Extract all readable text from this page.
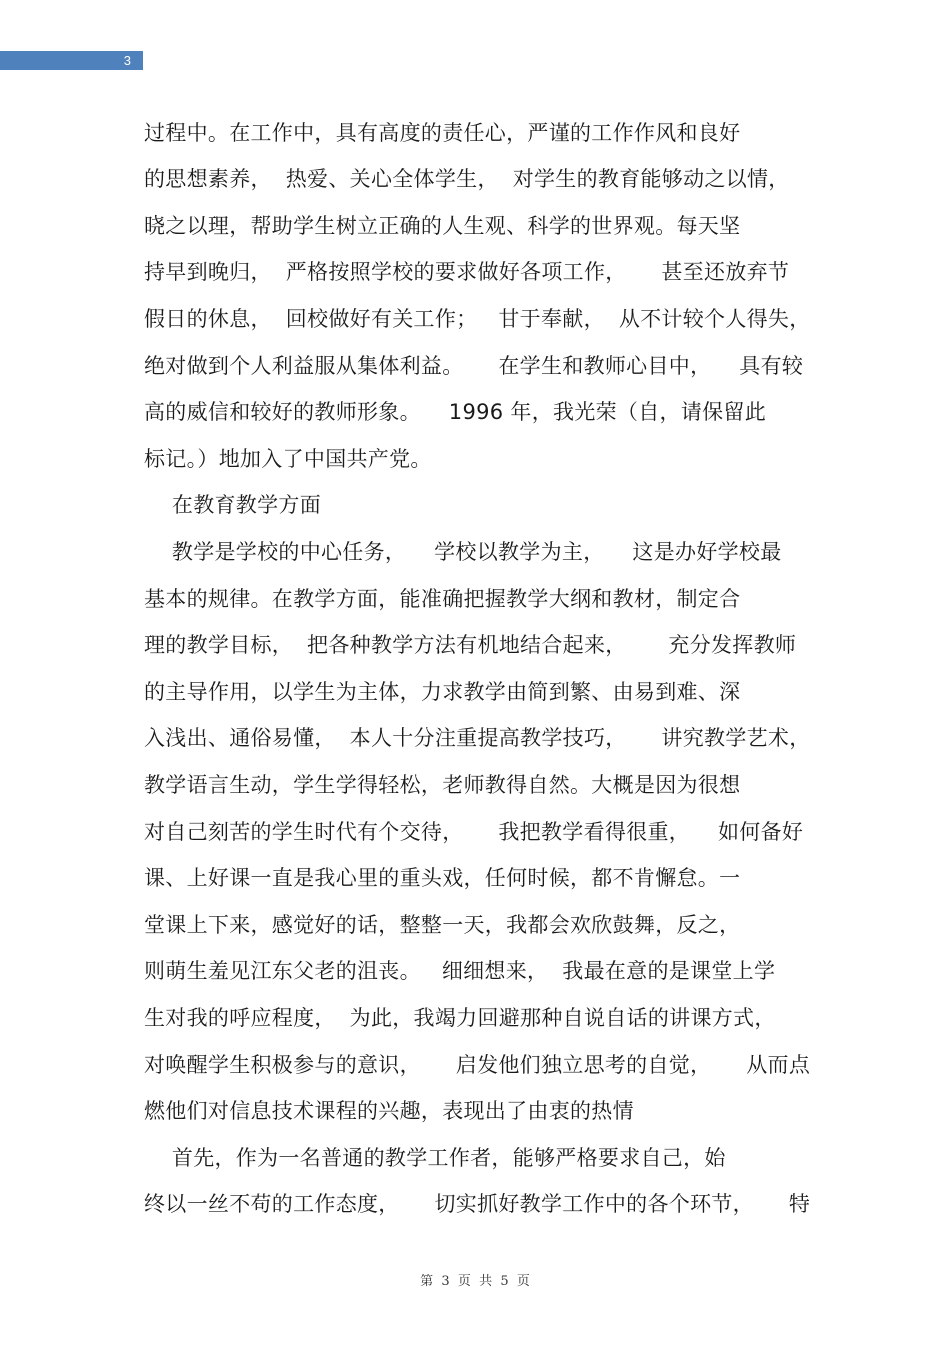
3
过程中。在工作中，具有高度的责任心，严谨的工作作风和良好
的思想素养，  热爱、关心全体学生，  对学生的教育能够动之以情，
晓之以理，帮助学生树立正确的人生观、科学的世界观。每天坚
持早到晚归，  严格按照学校的要求做好各项工作，     甚至还放弃节
假日的休息，  回校做好有关工作；   甘于奉献，  从不计较个人得失，
绝对做到个人利益服从集体利益。     在学生和教师心目中，    具有较
高的威信和较好的教师形象。    1996 年，我光荣（自，请保留此
标记。）地加入了中国共产党。
在教育教学方面
教学是学校的中心任务，    学校以教学为主，    这是办好学校最
基本的规律。在教学方面，能准确把握教学大纲和教材，制定合
理的教学目标，  把各种教学方法有机地结合起来，      充分发挥教师
的主导作用，以学生为主体，力求教学由简到繁、由易到难、深
入浅出、通俗易懂，  本人十分注重提高教学技巧，     讲究教学艺术，
教学语言生动，学生学得轻松，老师教得自然。大概是因为很想
对自己刻苦的学生时代有个交待，     我把教学看得很重，    如何备好
课、上好课一直是我心里的重头戏，任何时候，都不肯懈怠。一
堂课上下来，感觉好的话，整整一天，我都会欢欣鼓舞，反之，
则萌生羞见江东父老的沮丧。   细细想来，  我最在意的是课堂上学
生对我的呼应程度，  为此，我竭力回避那种自说自话的讲课方式，
对唤醒学生积极参与的意识，     启发他们独立思考的自觉，     从而点
燃他们对信息技术课程的兴趣，表现出了由衷的热情
首先，作为一名普通的教学工作者，能够严格要求自己，始
终以一丝不苟的工作态度，     切实抓好教学工作中的各个环节，     特
第  3  页  共  5  页
